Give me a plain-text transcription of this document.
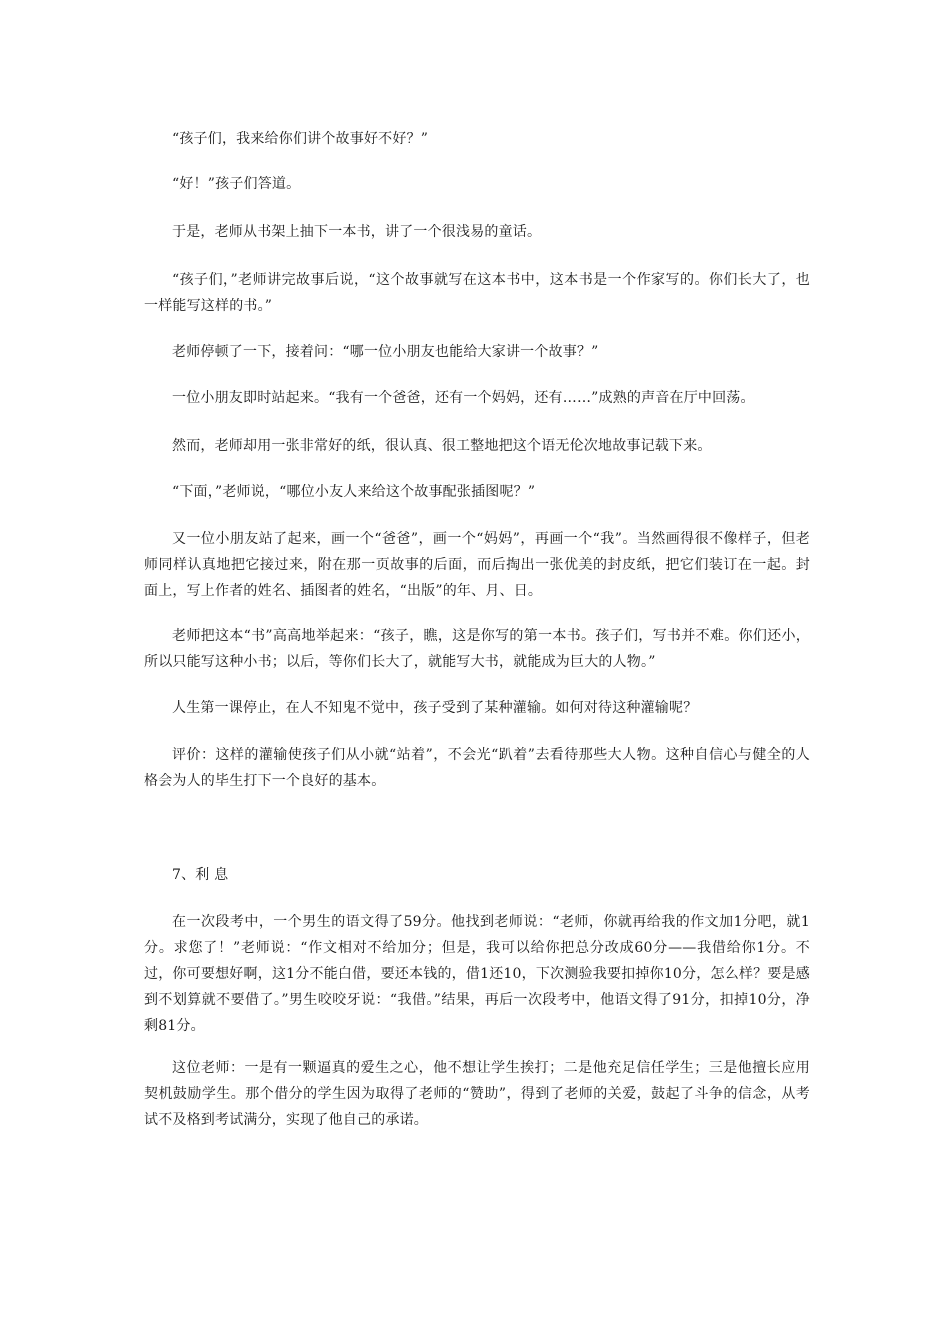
“孩子们，我来给你们讲个故事好不好？”

“好！”孩子们答道。

于是，老师从书架上抽下一本书，讲了一个很浅易的童话。

“孩子们，”老师讲完故事后说，“这个故事就写在这本书中，这本书是一个作家写的。你们长大了，也一样能写这样的书。”

老师停顿了一下，接着问：“哪一位小朋友也能给大家讲一个故事？”

一位小朋友即时站起来。“我有一个爸爸，还有一个妈妈，还有……”成熟的声音在厅中回荡。

然而，老师却用一张非常好的纸，很认真、很工整地把这个语无伦次地故事记载下来。

“下面，”老师说，“哪位小友人来给这个故事配张插图呢？”

又一位小朋友站了起来，画一个“爸爸”，画一个“妈妈”，再画一个“我”。当然画得很不像样子，但老师同样认真地把它接过来，附在那一页故事的后面，而后掏出一张优美的封皮纸，把它们装订在一起。封面上，写上作者的姓名、插图者的姓名，“出版”的年、月、日。

老师把这本“书”高高地举起来：“孩子，瞧，这是你写的第一本书。孩子们，写书并不难。你们还小，所以只能写这种小书；以后，等你们长大了，就能写大书，就能成为巨大的人物。”

人生第一课停止，在人不知鬼不觉中，孩子受到了某种灌输。如何对待这种灌输呢？

评价：这样的灌输使孩子们从小就“站着”，不会光“趴着”去看待那些大人物。这种自信心与健全的人格会为人的毕生打下一个良好的基本。

7、利 息

在一次段考中，一个男生的语文得了59分。他找到老师说：“老师，你就再给我的作文加1分吧，就1分。求您了！”老师说：“作文相对不给加分；但是，我可以给你把总分改成60分——我借给你1分。不过，你可要想好啊，这1分不能白借，要还本钱的，借1还10，下次测验我要扣掉你10分，怎么样？要是感到不划算就不要借了。”男生咬咬牙说：“我借。”结果，再后一次段考中，他语文得了91分，扣掉10分，净剩81分。

这位老师：一是有一颗逼真的爱生之心，他不想让学生挨打；二是他充足信任学生；三是他擅长应用契机鼓励学生。那个借分的学生因为取得了老师的“赞助”，得到了老师的关爱，鼓起了斗争的信念，从考试不及格到考试满分，实现了他自己的承诺。
